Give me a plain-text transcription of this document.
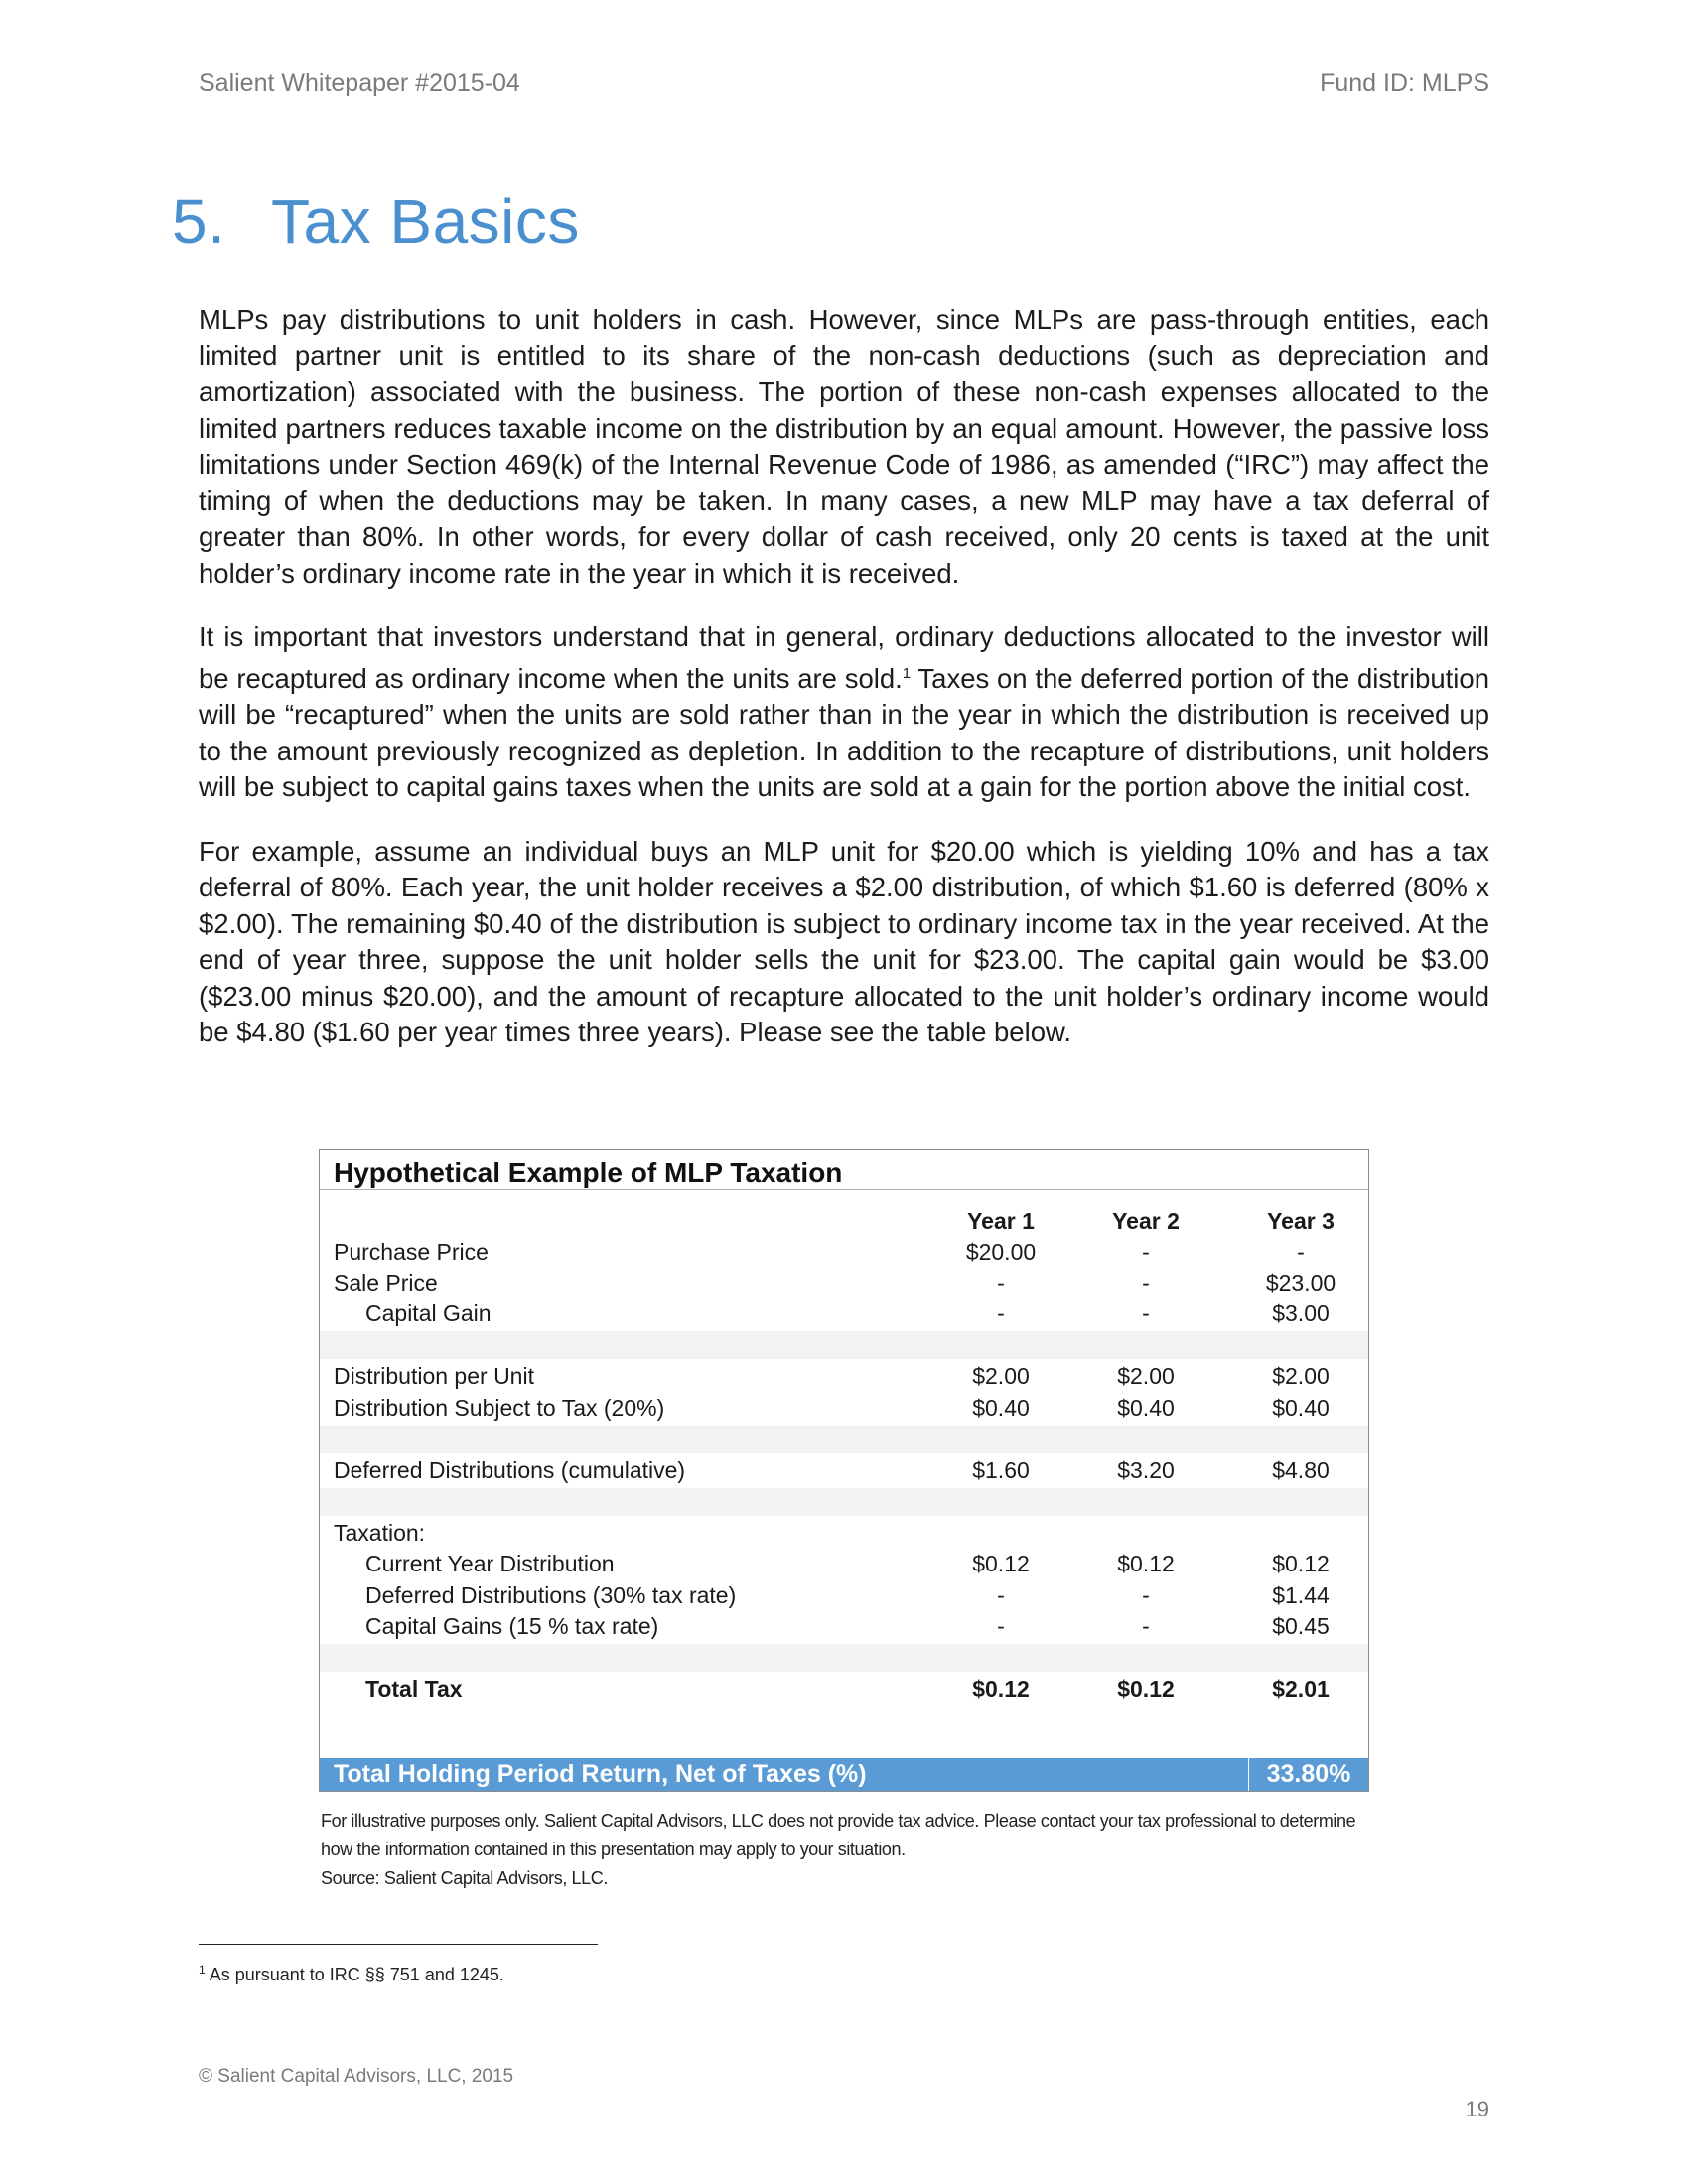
Salient Whitepaper #2015-04	Fund ID: MLPS
5. Tax Basics

MLPs pay distributions to unit holders in cash. However, since MLPs are pass-through entities, each limited partner unit is entitled to its share of the non-cash deductions (such as depreciation and amortization) associated with the business. The portion of these non-cash expenses allocated to the limited partners reduces taxable income on the distribution by an equal amount. However, the passive loss limitations under Section 469(k) of the Internal Revenue Code of 1986, as amended (“IRC”) may affect the timing of when the deductions may be taken. In many cases, a new MLP may have a tax deferral of greater than 80%. In other words, for every dollar of cash received, only 20 cents is taxed at the unit holder’s ordinary income rate in the year in which it is received.

It is important that investors understand that in general, ordinary deductions allocated to the investor will be recaptured as ordinary income when the units are sold.$^1$ Taxes on the deferred portion of the distribution will be “recaptured” when the units are sold rather than in the year in which the distribution is received up to the amount previously recognized as depletion. In addition to the recapture of distributions, unit holders will be subject to capital gains taxes when the units are sold at a gain for the portion above the initial cost.

For example, assume an individual buys an MLP unit for $20.00 which is yielding 10% and has a tax deferral of 80%. Each year, the unit holder receives a $2.00 distribution, of which $1.60 is deferred (80% x $2.00). The remaining $0.40 of the distribution is subject to ordinary income tax in the year received. At the end of year three, suppose the unit holder sells the unit for $23.00. The capital gain would be $3.00 ($23.00 minus $20.00), and the amount of recapture allocated to the unit holder’s ordinary income would be $4.80 ($1.60 per year times three years). Please see the table below.

Hypothetical Example of MLP Taxation
Year 1	Year 2	Year 3
Purchase Price	$20.00	-	-
Sale Price	-	-	$23.00
Capital Gain	-	-	$3.00
Distribution per Unit	$2.00	$2.00	$2.00
Distribution Subject to Tax (20%)	$0.40	$0.40	$0.40
Deferred Distributions (cumulative)	$1.60	$3.20	$4.80
Taxation:
Current Year Distribution	$0.12	$0.12	$0.12
Deferred Distributions (30% tax rate)	-	-	$1.44
Capital Gains (15 % tax rate)	-	-	$0.45
Total Tax	$0.12	$0.12	$2.01
Total Holding Period Return, Net of Taxes (%)	33.80%
For illustrative purposes only. Salient Capital Advisors, LLC does not provide tax advice. Please contact your tax professional to determine
how the information contained in this presentation may apply to your situation.
Source: Salient Capital Advisors, LLC.
$^1$ As pursuant to IRC §§ 751 and 1245.
© Salient Capital Advisors, LLC, 2015
19
